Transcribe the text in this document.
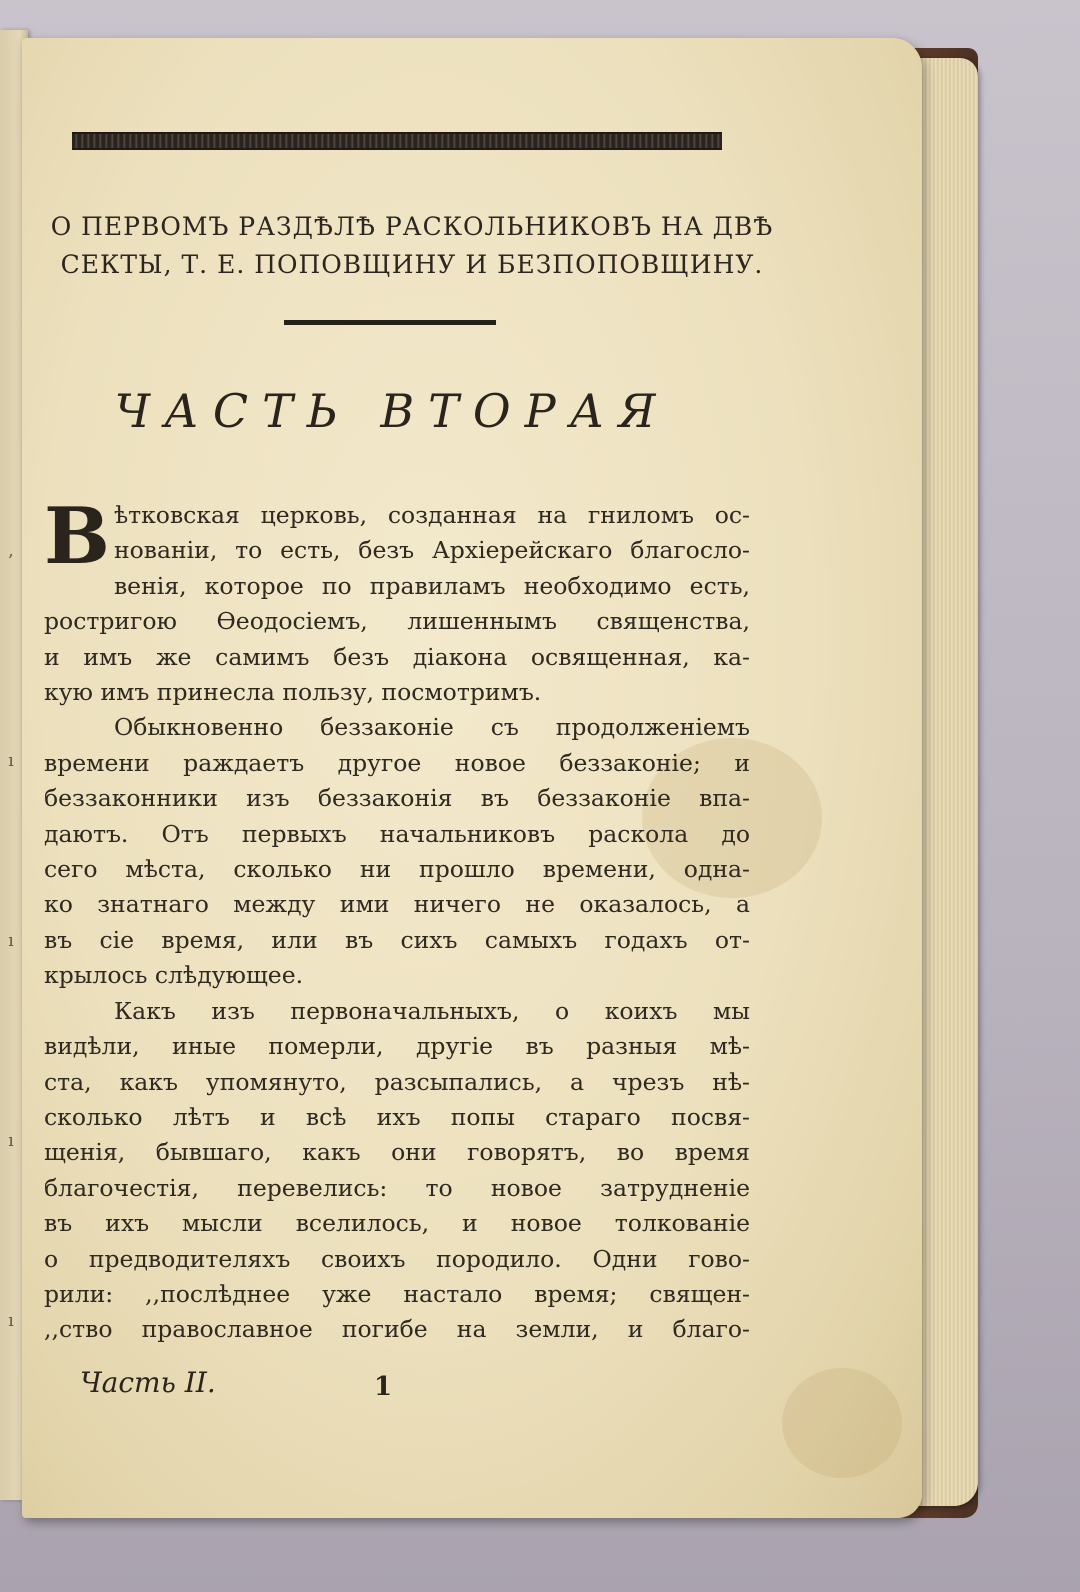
,
ı
ı
ı
ı
О ПЕРВОМЪ РАЗДѢЛѢ РАСКОЛЬНИКОВЪ НА ДВѢ
СЕКТЫ, Т. Е. ПОПОВЩИНУ И БЕЗПОПОВЩИНУ.
ЧАСТЬ ВТОРАЯ
В ѣтковская церковь, созданная на гниломъ ос-
нованіи, то есть, безъ Архіерейскаго благосло-
венія, которое по правиламъ необходимо есть,
ростригою Ѳеодосіемъ, лишеннымъ священства,
и имъ же самимъ безъ діакона освященная, ка-
кую имъ принесла пользу, посмотримъ.
Обыкновенно беззаконіе съ продолженіемъ
времени раждаетъ другое новое беззаконіе; и
беззаконники изъ беззаконія въ беззаконіе впа-
даютъ. Отъ первыхъ начальниковъ раскола до
сего мѣста, сколько ни прошло времени, одна-
ко знатнаго между ими ничего не оказалось, а
въ сіе время, или въ сихъ самыхъ годахъ от-
крылось слѣдующее.
Какъ изъ первоначальныхъ, о коихъ мы
видѣли, иные померли, другіе въ разныя мѣ-
ста, какъ упомянуто, разсыпались, а чрезъ нѣ-
сколько лѣтъ и всѣ ихъ попы стараго посвя-
щенія, бывшаго, какъ они говорятъ, во время
благочестія, перевелись: то новое затрудненіе
въ ихъ мысли вселилось, и новое толкованіе
о предводителяхъ своихъ породило. Одни гово-
рили: ,,послѣднее уже настало время; священ-
,,ство православное погибе на земли, и благо-
Часть II.	1
